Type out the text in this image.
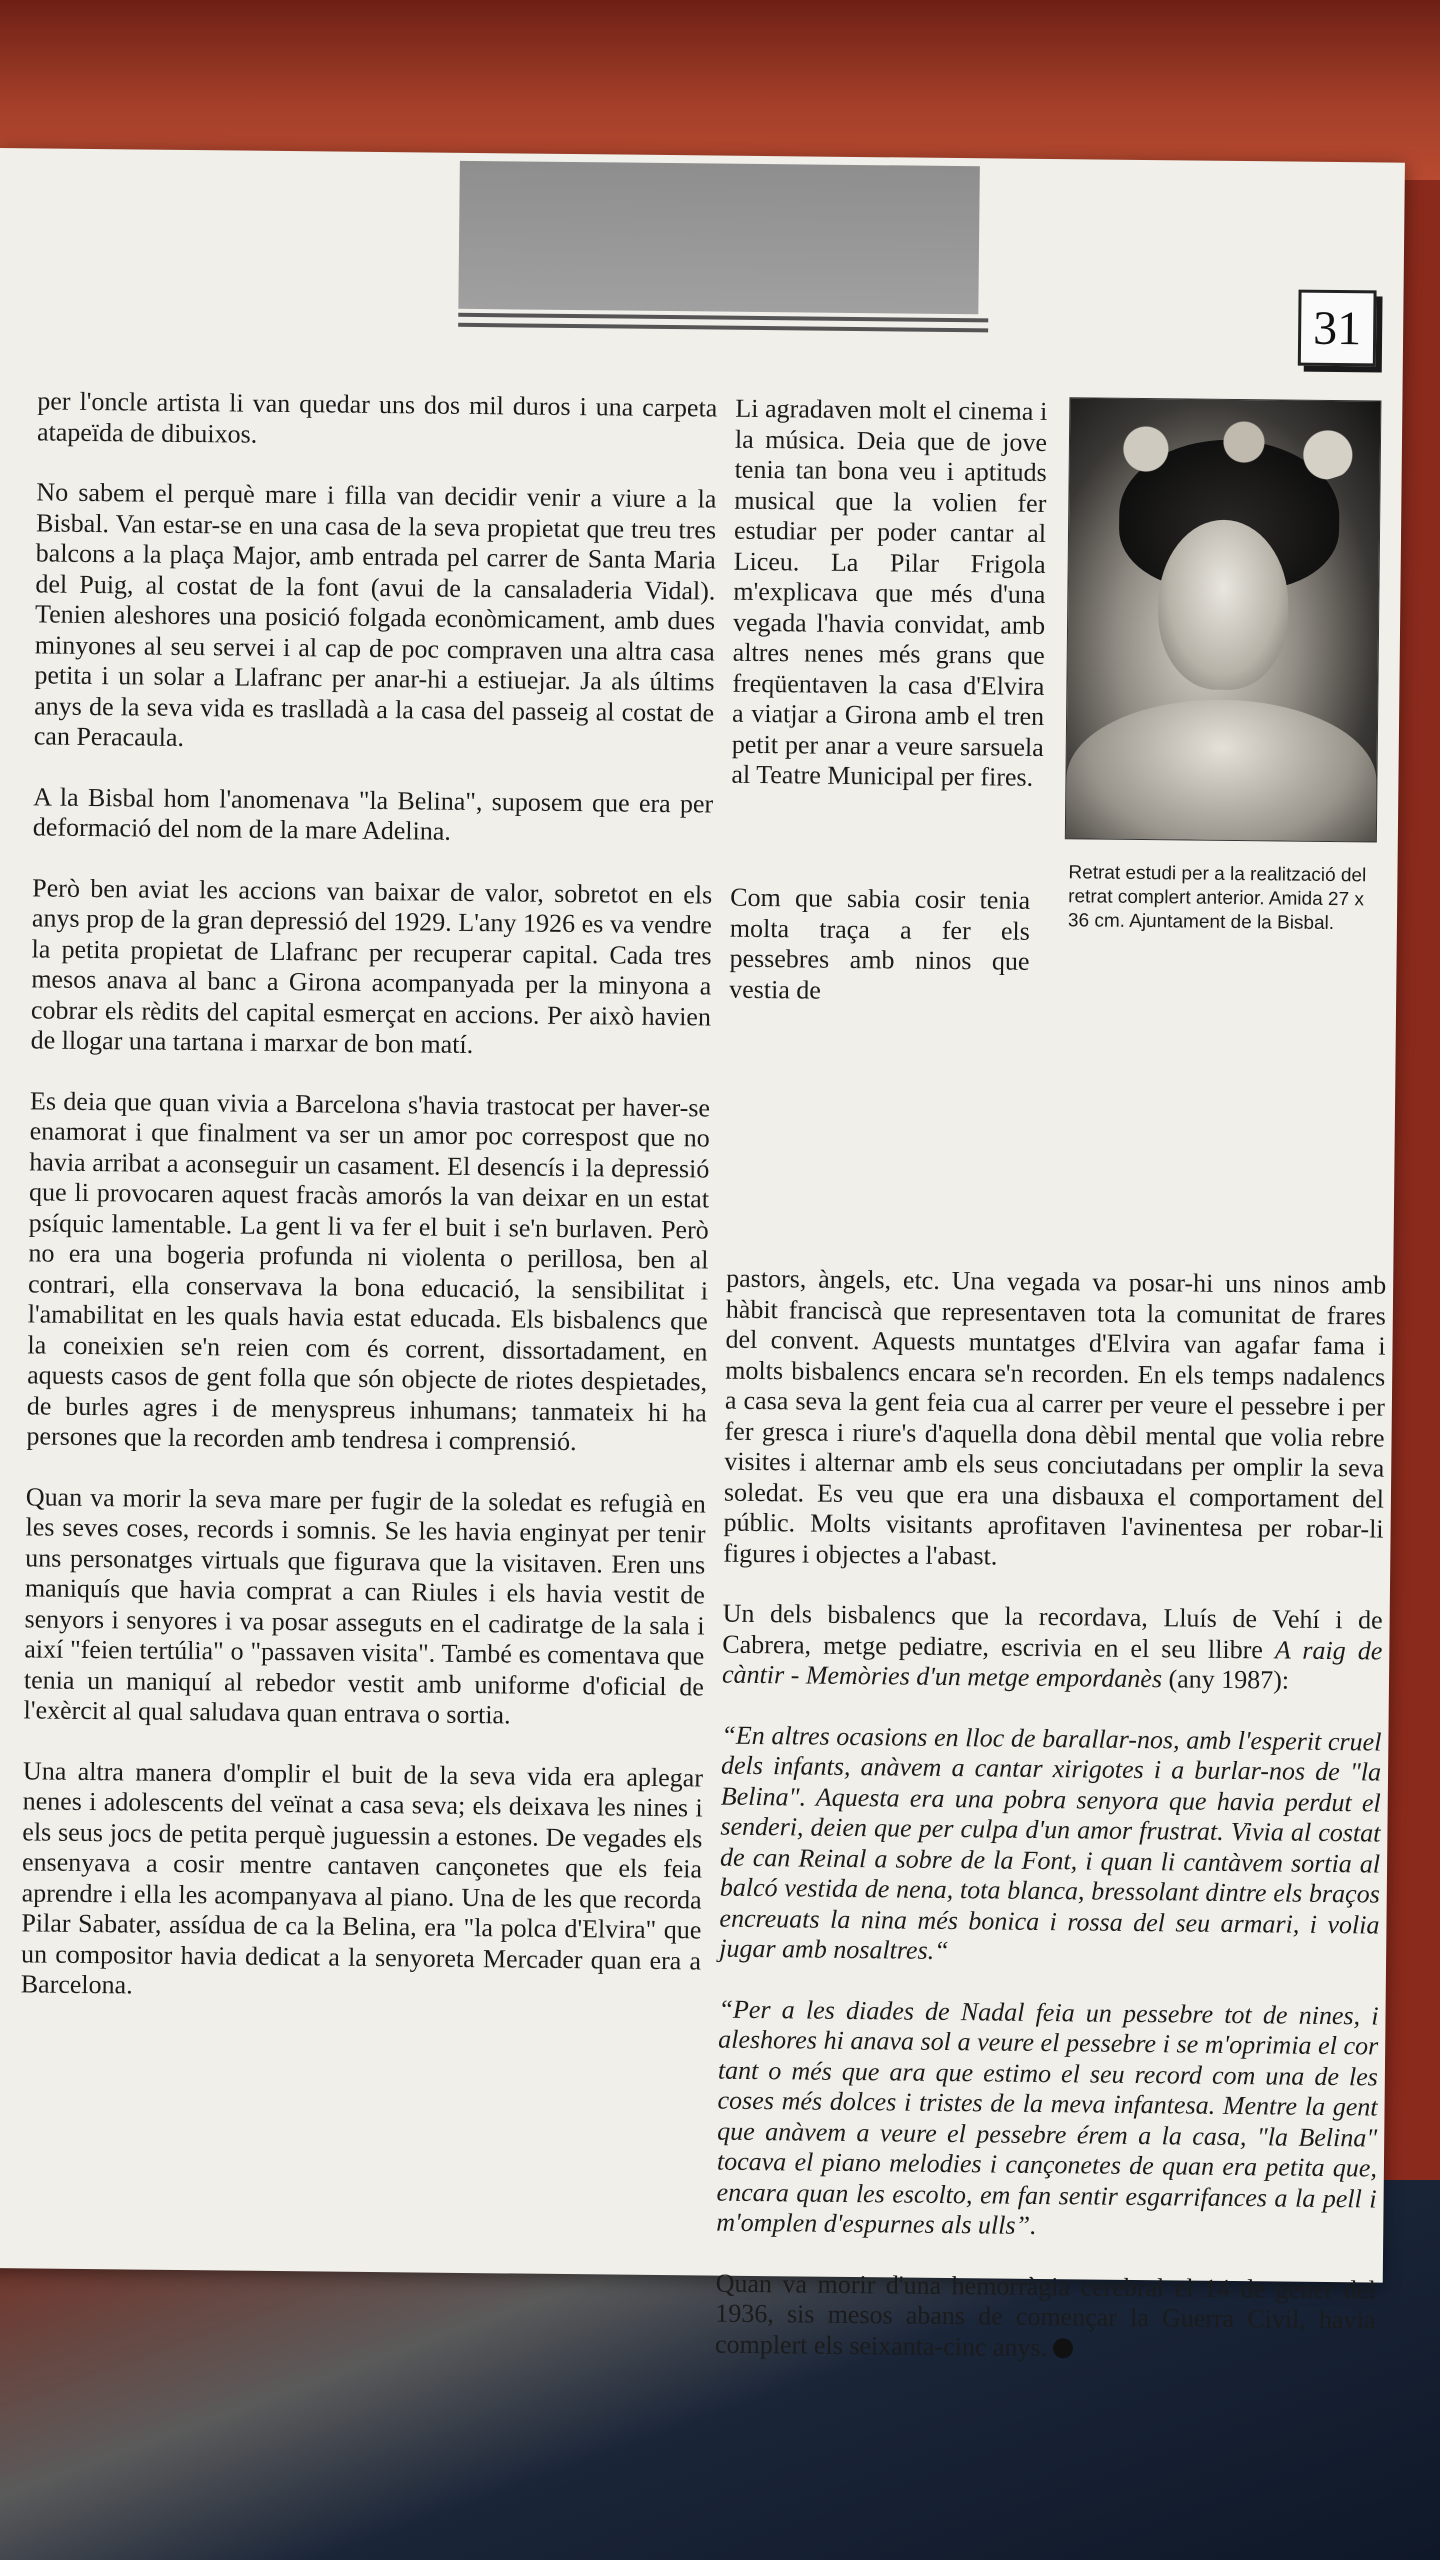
31

per l'oncle artista li van quedar uns dos mil duros i una carpeta atapeïda de dibuixos.

No sabem el perquè mare i filla van decidir venir a viure a la Bisbal. Van estar-se en una casa de la seva propietat que treu tres balcons a la plaça Major, amb entrada pel carrer de Santa Maria del Puig, al costat de la font (avui de la cansaladeria Vidal). Tenien aleshores una posició folgada econòmicament, amb dues minyones al seu servei i al cap de poc compraven una altra casa petita i un solar a Llafranc per anar-hi a estiuejar. Ja als últims anys de la seva vida es traslladà a la casa del passeig al costat de can Peracaula.

A la Bisbal hom l'anomenava "la Belina", suposem que era per deformació del nom de la mare Adelina.

Però ben aviat les accions van baixar de valor, sobretot en els anys prop de la gran depressió del 1929. L'any 1926 es va vendre la petita propietat de Llafranc per recuperar capital. Cada tres mesos anava al banc a Girona acompanyada per la minyona a cobrar els rèdits del capital esmerçat en accions. Per això havien de llogar una tartana i marxar de bon matí.

Es deia que quan vivia a Barcelona s'havia trastocat per haver-se enamorat i que finalment va ser un amor poc correspost que no havia arribat a aconseguir un casament. El desencís i la depressió que li provocaren aquest fracàs amorós la van deixar en un estat psíquic lamentable. La gent li va fer el buit i se'n burlaven. Però no era una bogeria profunda ni violenta o perillosa, ben al contrari, ella conservava la bona educació, la sensibilitat i l'amabilitat en les quals havia estat educada. Els bisbalencs que la coneixien se'n reien com és corrent, dissortadament, en aquests casos de gent folla que són objecte de riotes despietades, de burles agres i de menyspreus inhumans; tanmateix hi ha persones que la recorden amb tendresa i comprensió.

Quan va morir la seva mare per fugir de la soledat es refugià en les seves coses, records i somnis. Se les havia enginyat per tenir uns personatges virtuals que figurava que la visitaven. Eren uns maniquís que havia comprat a can Riules i els havia vestit de senyors i senyores i va posar asseguts en el cadiratge de la sala i així "feien tertúlia" o "passaven visita". També es comentava que tenia un maniquí al rebedor vestit amb uniforme d'oficial de l'exèrcit al qual saludava quan entrava o sortia.

Una altra manera d'omplir el buit de la seva vida era aplegar nenes i adolescents del veïnat a casa seva; els deixava les nines i els seus jocs de petita perquè juguessin a estones. De vegades els ensenyava a cosir mentre cantaven cançonetes que els feia aprendre i ella les acompanyava al piano. Una de les que recorda Pilar Sabater, assídua de ca la Belina, era "la polca d'Elvira" que un compositor havia dedicat a la senyoreta Mercader quan era a Barcelona.

Li agradaven molt el cinema i la música. Deia que de jove tenia tan bona veu i aptituds musical que la volien fer estudiar per poder cantar al Liceu. La Pilar Frigola m'explicava que més d'una vegada l'havia convidat, amb altres nenes més grans que freqüentaven la casa d'Elvira a viatjar a Girona amb el tren petit per anar a veure sarsuela al Teatre Municipal per fires.

Retrat estudi per a la realització del retrat complert anterior. Amida 27 x 36 cm. Ajuntament de la Bisbal.

Com que sabia cosir tenia molta traça a fer els pessebres amb ninos que vestia de

pastors, àngels, etc. Una vegada va posar-hi uns ninos amb hàbit franciscà que representaven tota la comunitat de frares del convent. Aquests muntatges d'Elvira van agafar fama i molts bisbalencs encara se'n recorden. En els temps nadalencs a casa seva la gent feia cua al carrer per veure el pessebre i per fer gresca i riure's d'aquella dona dèbil mental que volia rebre visites i alternar amb els seus conciutadans per omplir la seva soledat. Es veu que era una disbauxa el comportament del públic. Molts visitants aprofitaven l'avinentesa per robar-li figures i objectes a l'abast.

Un dels bisbalencs que la recordava, Lluís de Vehí i de Cabrera, metge pediatre, escrivia en el seu llibre A raig de càntir - Memòries d'un metge empordanès (any 1987):

“En altres ocasions en lloc de barallar-nos, amb l'esperit cruel dels infants, anàvem a cantar xirigotes i a burlar-nos de "la Belina". Aquesta era una pobra senyora que havia perdut el senderi, deien que per culpa d'un amor frustrat. Vivia al costat de can Reinal a sobre de la Font, i quan li cantàvem sortia al balcó vestida de nena, tota blanca, bressolant dintre els braços encreuats la nina més bonica i rossa del seu armari, i volia jugar amb nosaltres.“

“Per a les diades de Nadal feia un pessebre tot de nines, i aleshores hi anava sol a veure el pessebre i se m'oprimia el cor tant o més que ara que estimo el seu record com una de les coses més dolces i tristes de la meva infantesa. Mentre la gent que anàvem a veure el pessebre érem a la casa, "la Belina" tocava el piano melodies i cançonetes de quan era petita que, encara quan les escolto, em fan sentir esgarrifances a la pell i m'omplen d'espurnes als ulls”.

Quan va morir d'una hemorràgia cerebral el 14 de gener del 1936, sis mesos abans de començar la Guerra Civil, havia complert els seixanta-cinc anys.
